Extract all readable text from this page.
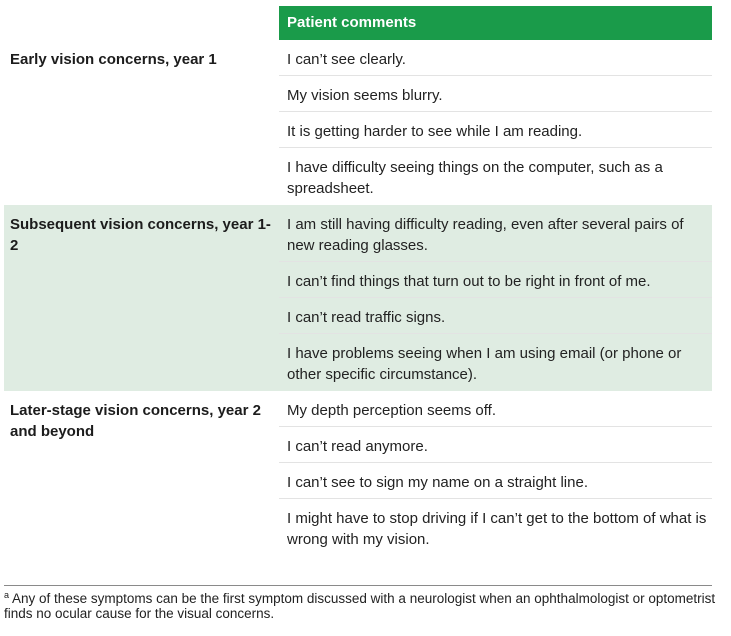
Patient comments
Early vision concerns, year 1	I can’t see clearly.
My vision seems blurry.
It is getting harder to see while I am reading.
I have difficulty seeing things on the computer, such as a spreadsheet.
Subsequent vision concerns, year 1-2
I am still having difficulty reading, even after several pairs of new reading glasses.
I can’t find things that turn out to be right in front of me.
I can’t read traffic signs.
I have problems seeing when I am using email (or phone or other specific circumstance).
Later-stage vision concerns, year 2 and beyond
My depth perception seems off.
I can’t read anymore.
I can’t see to sign my name on a straight line.
I might have to stop driving if I can’t get to the bottom of what is wrong with my vision.
$^a$ Any of these symptoms can be the first symptom discussed with a neurologist when an ophthalmologist or optometrist finds no ocular cause for the visual concerns.
